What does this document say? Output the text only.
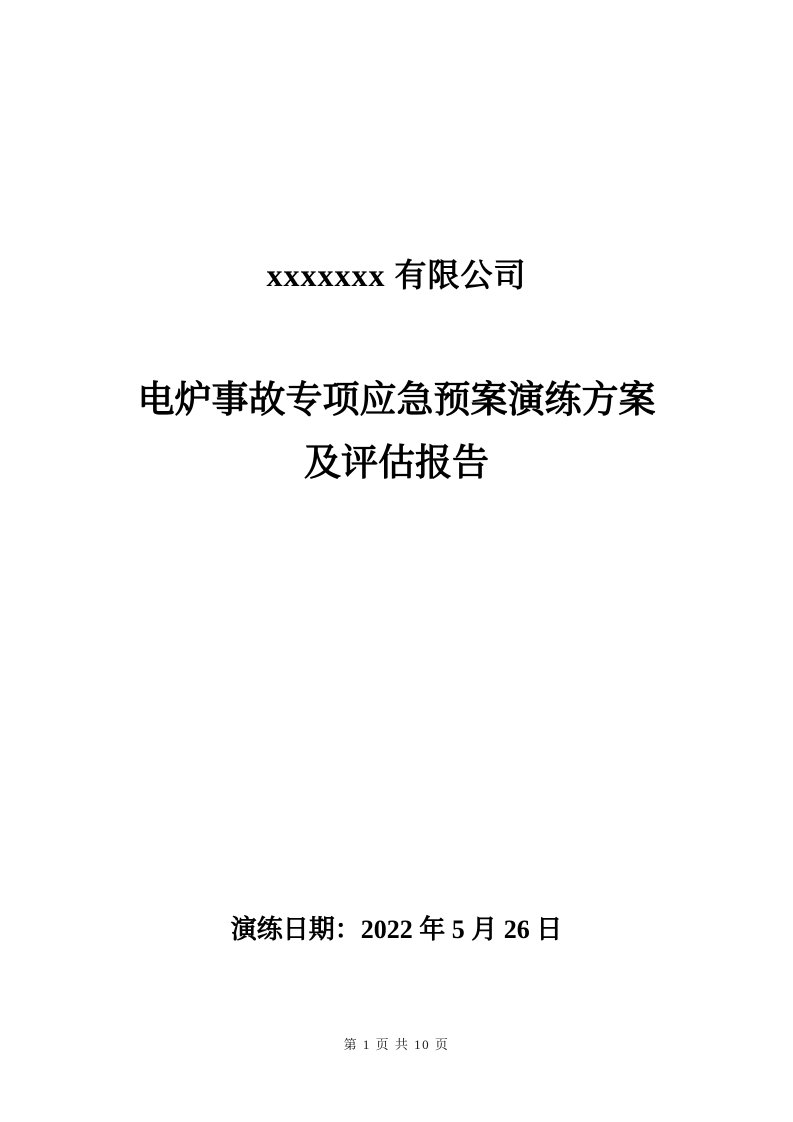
xxxxxxx 有限公司
电炉事故专项应急预案演练方案
及评估报告
演练日期：2022 年 5 月 26 日
第 1 页 共 10 页
